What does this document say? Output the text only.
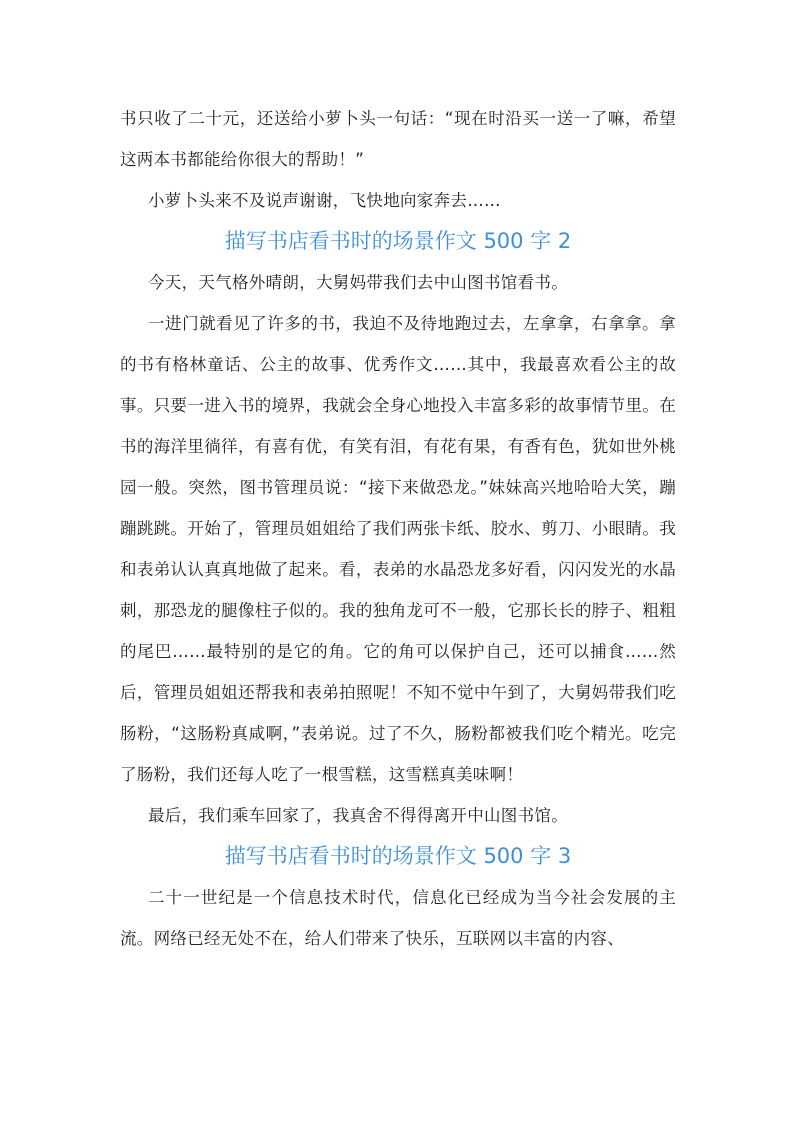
书只收了二十元，还送给小萝卜头一句话：“现在时沿买一送一了嘛，希望这两本书都能给你很大的帮助！”

小萝卜头来不及说声谢谢，飞快地向家奔去……

描写书店看书时的场景作文 500 字 2

今天，天气格外晴朗，大舅妈带我们去中山图书馆看书。

一进门就看见了许多的书，我迫不及待地跑过去，左拿拿，右拿拿。拿的书有格林童话、公主的故事、优秀作文……其中，我最喜欢看公主的故事。只要一进入书的境界，我就会全身心地投入丰富多彩的故事情节里。在书的海洋里徜徉，有喜有优，有笑有泪，有花有果，有香有色，犹如世外桃园一般。突然，图书管理员说：“接下来做恐龙。”妹妹高兴地哈哈大笑，蹦蹦跳跳。开始了，管理员姐姐给了我们两张卡纸、胶水、剪刀、小眼睛。我和表弟认认真真地做了起来。看，表弟的水晶恐龙多好看，闪闪发光的水晶刺，那恐龙的腿像柱子似的。我的独角龙可不一般，它那长长的脖子、粗粗的尾巴……最特别的是它的角。它的角可以保护自己，还可以捕食……然后，管理员姐姐还帮我和表弟拍照呢！不知不觉中午到了，大舅妈带我们吃肠粉，“这肠粉真咸啊，”表弟说。过了不久，肠粉都被我们吃个精光。吃完了肠粉，我们还每人吃了一根雪糕，这雪糕真美味啊！

最后，我们乘车回家了，我真舍不得得离开中山图书馆。

描写书店看书时的场景作文 500 字 3

二十一世纪是一个信息技术时代，信息化已经成为当今社会发展的主流。网络已经无处不在，给人们带来了快乐，互联网以丰富的内容、
